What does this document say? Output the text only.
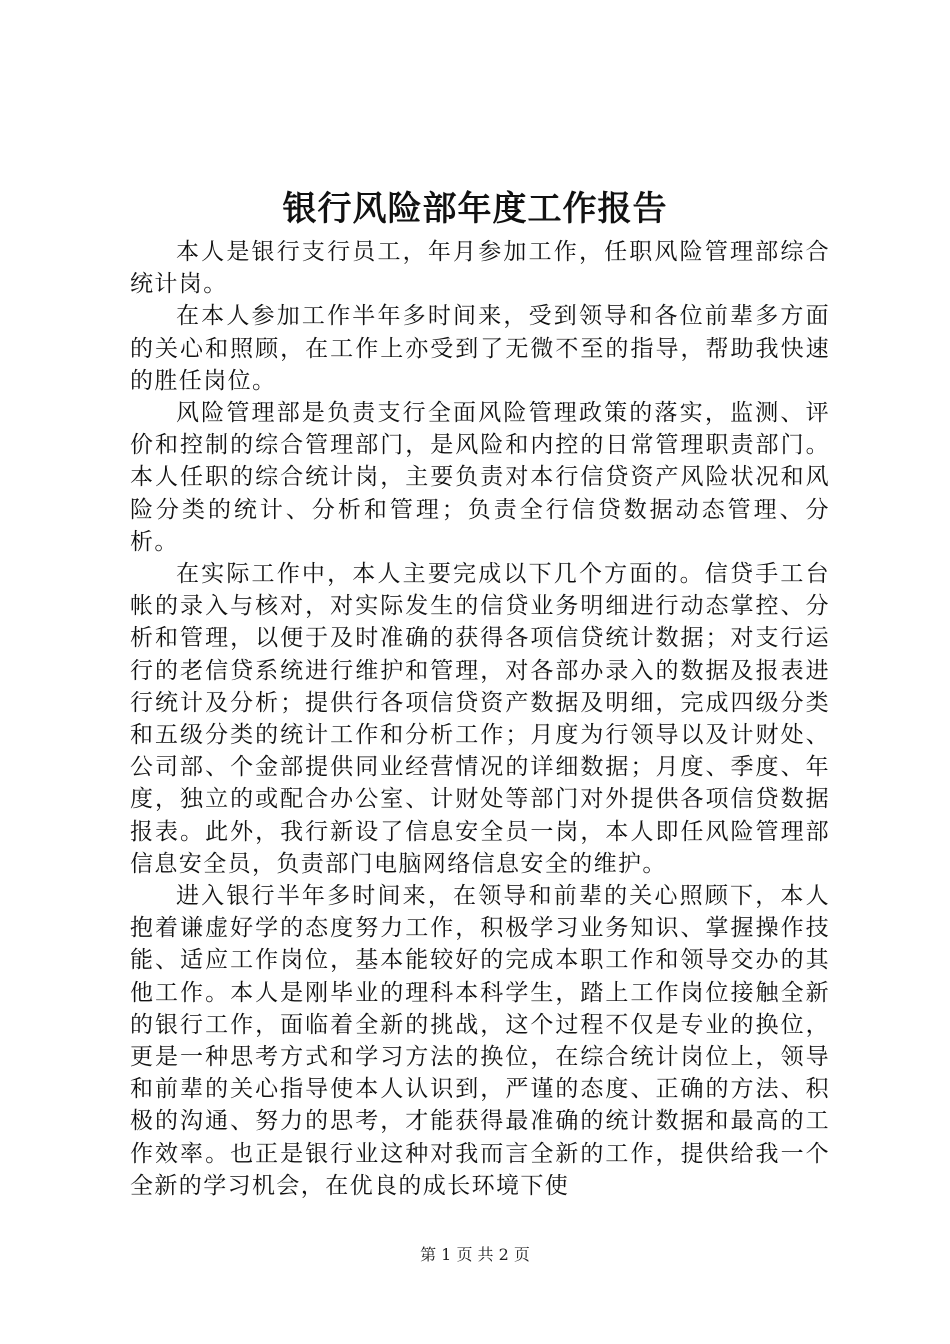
银行风险部年度工作报告

本人是银行支行员工，年月参加工作，任职风险管理部综合统计岗。

在本人参加工作半年多时间来，受到领导和各位前辈多方面的关心和照顾，在工作上亦受到了无微不至的指导，帮助我快速的胜任岗位。

风险管理部是负责支行全面风险管理政策的落实，监测、评价和控制的综合管理部门，是风险和内控的日常管理职责部门。本人任职的综合统计岗，主要负责对本行信贷资产风险状况和风险分类的统计、分析和管理；负责全行信贷数据动态管理、分析。

在实际工作中，本人主要完成以下几个方面的。信贷手工台帐的录入与核对，对实际发生的信贷业务明细进行动态掌控、分析和管理，以便于及时准确的获得各项信贷统计数据；对支行运行的老信贷系统进行维护和管理，对各部办录入的数据及报表进行统计及分析；提供行各项信贷资产数据及明细，完成四级分类和五级分类的统计工作和分析工作；月度为行领导以及计财处、公司部、个金部提供同业经营情况的详细数据；月度、季度、年度，独立的或配合办公室、计财处等部门对外提供各项信贷数据报表。此外，我行新设了信息安全员一岗，本人即任风险管理部信息安全员，负责部门电脑网络信息安全的维护。

进入银行半年多时间来，在领导和前辈的关心照顾下，本人抱着谦虚好学的态度努力工作，积极学习业务知识、掌握操作技能、适应工作岗位，基本能较好的完成本职工作和领导交办的其他工作。本人是刚毕业的理科本科学生，踏上工作岗位接触全新的银行工作，面临着全新的挑战，这个过程不仅是专业的换位，更是一种思考方式和学习方法的换位，在综合统计岗位上，领导和前辈的关心指导使本人认识到，严谨的态度、正确的方法、积极的沟通、努力的思考，才能获得最准确的统计数据和最高的工作效率。也正是银行业这种对我而言全新的工作，提供给我一个全新的学习机会，在优良的成长环境下使

第 1 页 共 2 页
